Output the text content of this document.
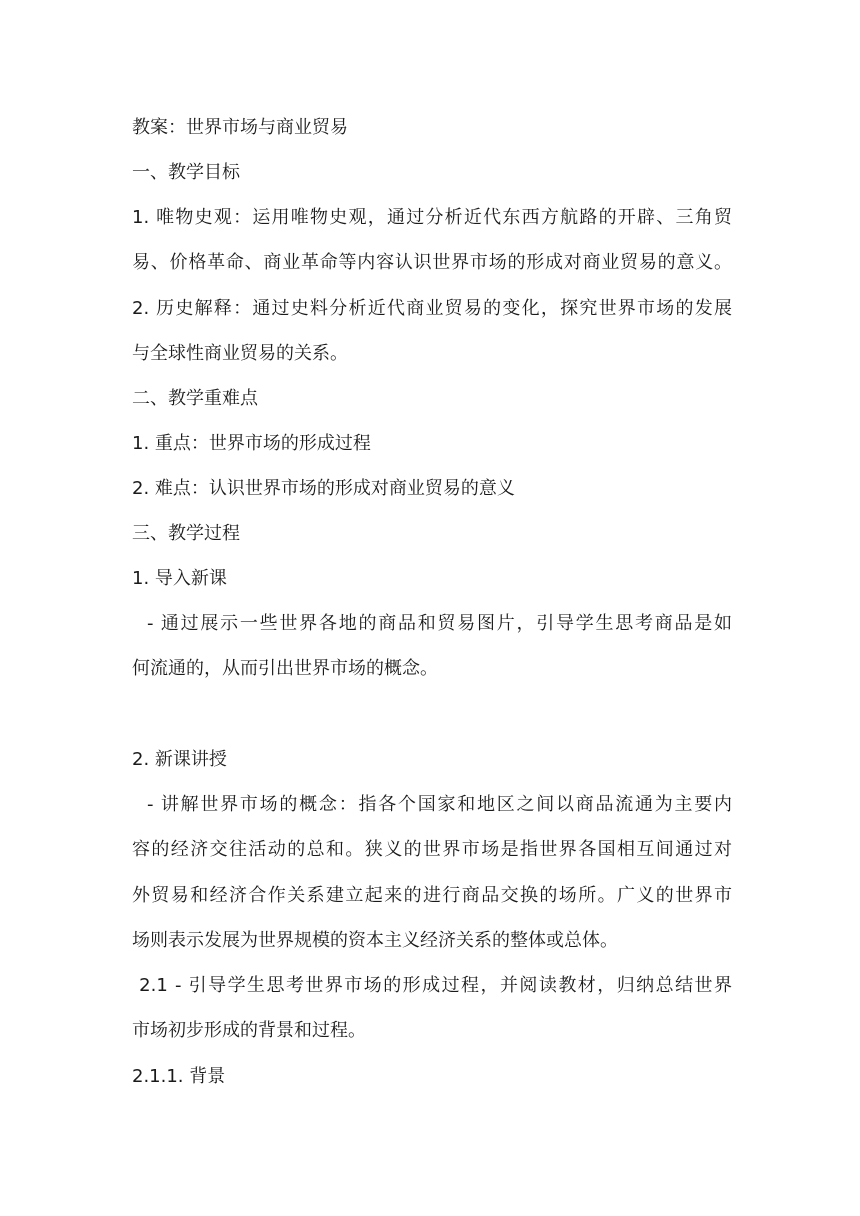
教案：世界市场与商业贸易
一、教学目标
1. 唯物史观：运用唯物史观，通过分析近代东西方航路的开辟、三角贸
易、价格革命、商业革命等内容认识世界市场的形成对商业贸易的意义。
2. 历史解释：通过史料分析近代商业贸易的变化，探究世界市场的发展
与全球性商业贸易的关系。
二、教学重难点
1. 重点：世界市场的形成过程
2. 难点：认识世界市场的形成对商业贸易的意义
三、教学过程
1. 导入新课
- 通过展示一些世界各地的商品和贸易图片，引导学生思考商品是如
何流通的，从而引出世界市场的概念。
2. 新课讲授
- 讲解世界市场的概念：指各个国家和地区之间以商品流通为主要内
容的经济交往活动的总和。狭义的世界市场是指世界各国相互间通过对
外贸易和经济合作关系建立起来的进行商品交换的场所。广义的世界市
场则表示发展为世界规模的资本主义经济关系的整体或总体。
2.1 - 引导学生思考世界市场的形成过程，并阅读教材，归纳总结世界
市场初步形成的背景和过程。
2.1.1. 背景
